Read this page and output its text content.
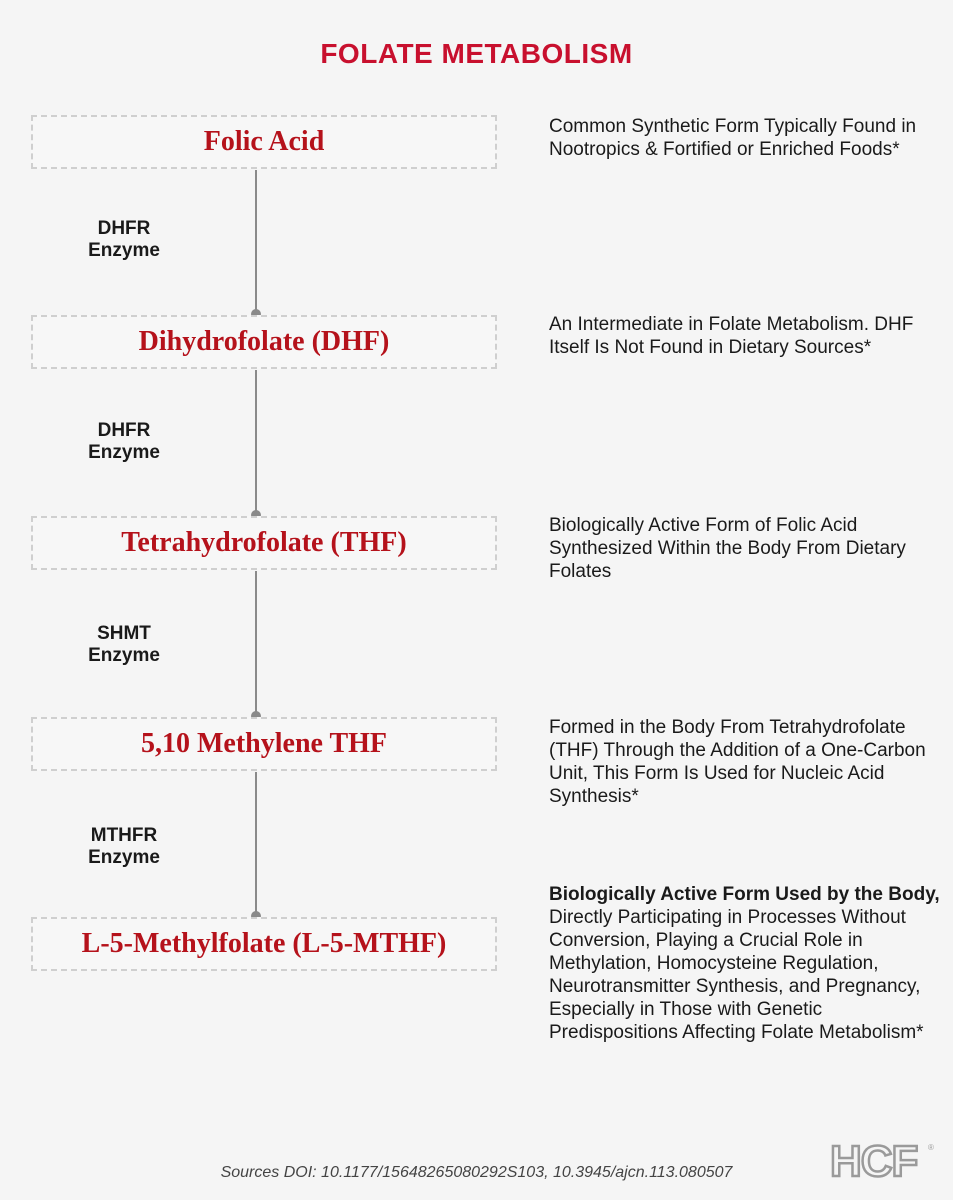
FOLATE METABOLISM
Folic Acid
Dihydrofolate (DHF)
Tetrahydrofolate (THF)
5,10 Methylene THF
L-5-Methylfolate (L-5-MTHF)
DHFR
Enzyme
DHFR
Enzyme
SHMT
Enzyme
MTHFR
Enzyme
Common Synthetic Form Typically Found in Nootropics & Fortified or Enriched Foods*
An Intermediate in Folate Metabolism. DHF Itself Is Not Found in Dietary Sources*
Biologically Active Form of Folic Acid Synthesized Within the Body From Dietary Folates
Formed in the Body From Tetrahydrofolate (THF) Through the Addition of a One-Carbon Unit, This Form Is Used for Nucleic Acid Synthesis*
Biologically Active Form Used by the Body, Directly Participating in Processes Without Conversion, Playing a Crucial Role in Methylation, Homocysteine Regulation, Neurotransmitter Synthesis, and Pregnancy, Especially in Those with Genetic Predispositions Affecting Folate Metabolism*
Sources DOI: 10.1177/15648265080292S103, 10.3945/ajcn.113.080507	HCF ®
